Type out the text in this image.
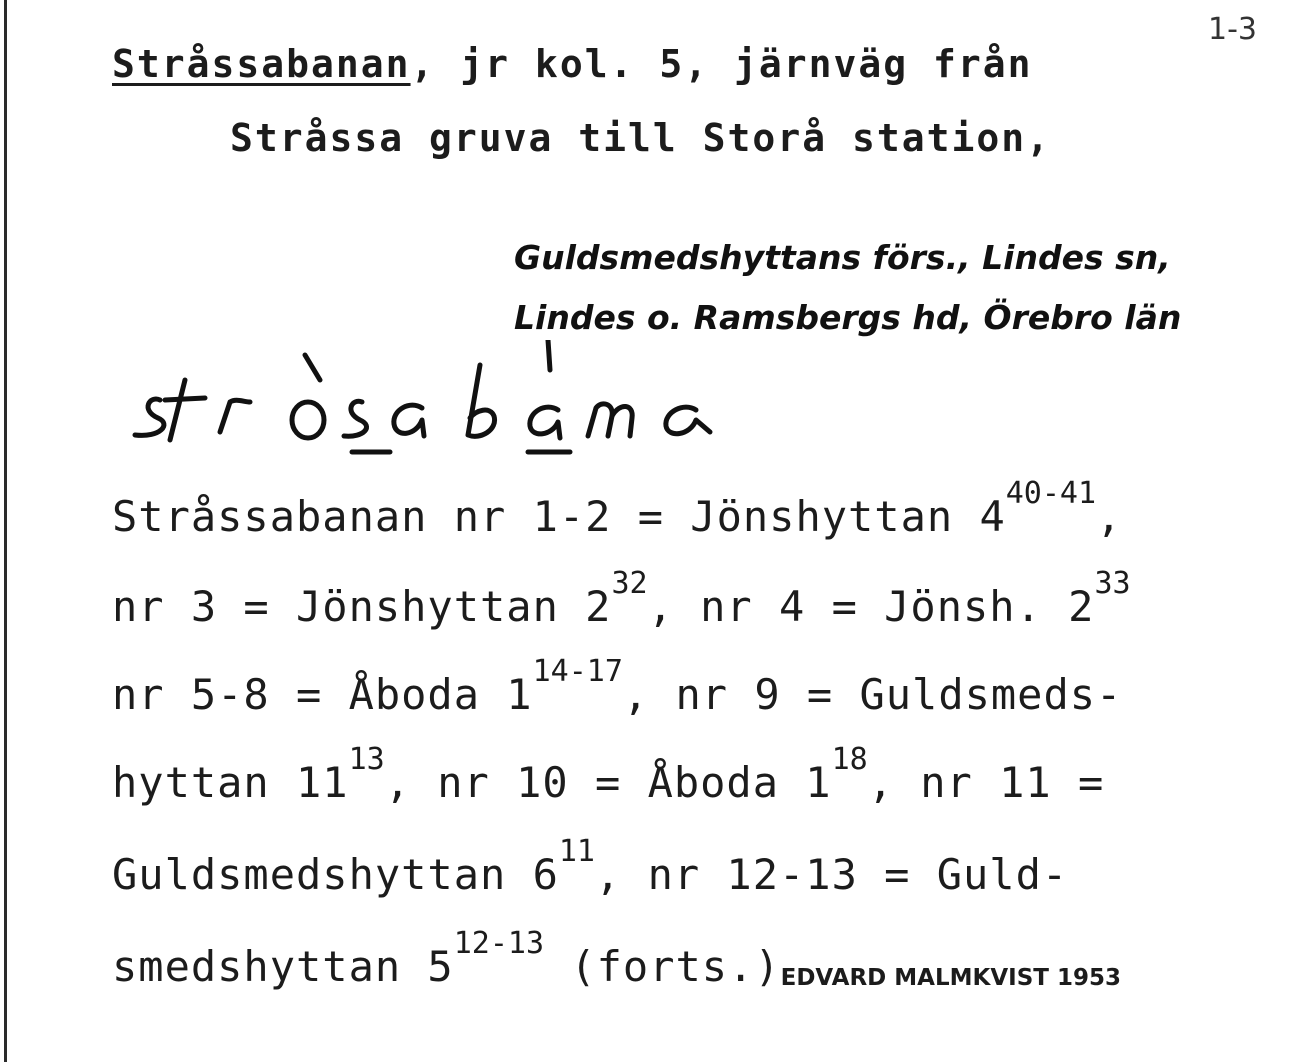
Stråssabanan, jr kol. 5, järnväg från
1-3
Stråssa gruva till Storå station,
Guldsmedshyttans förs., Lindes sn,
Lindes o. Ramsbergs hd, Örebro län
Stråssabanan nr 1-2 = Jönshyttan 4$^{40-41}$,
nr 3 = Jönshyttan $2^{32}$, nr 4 = Jönsh. $2^{33}$
nr 5-8 = Åboda 1$^{14-17}$, nr 9 = Guldsmeds-
hyttan $11^{13}$, nr 10 = Åboda $1^{18}$, nr 11 =
Guldsmedshyttan $6^{11}$, nr 12-13 = Guld-
smedshyttan 5$^{12-13}$ (forts.)EDVARD MALMKVIST 1953
